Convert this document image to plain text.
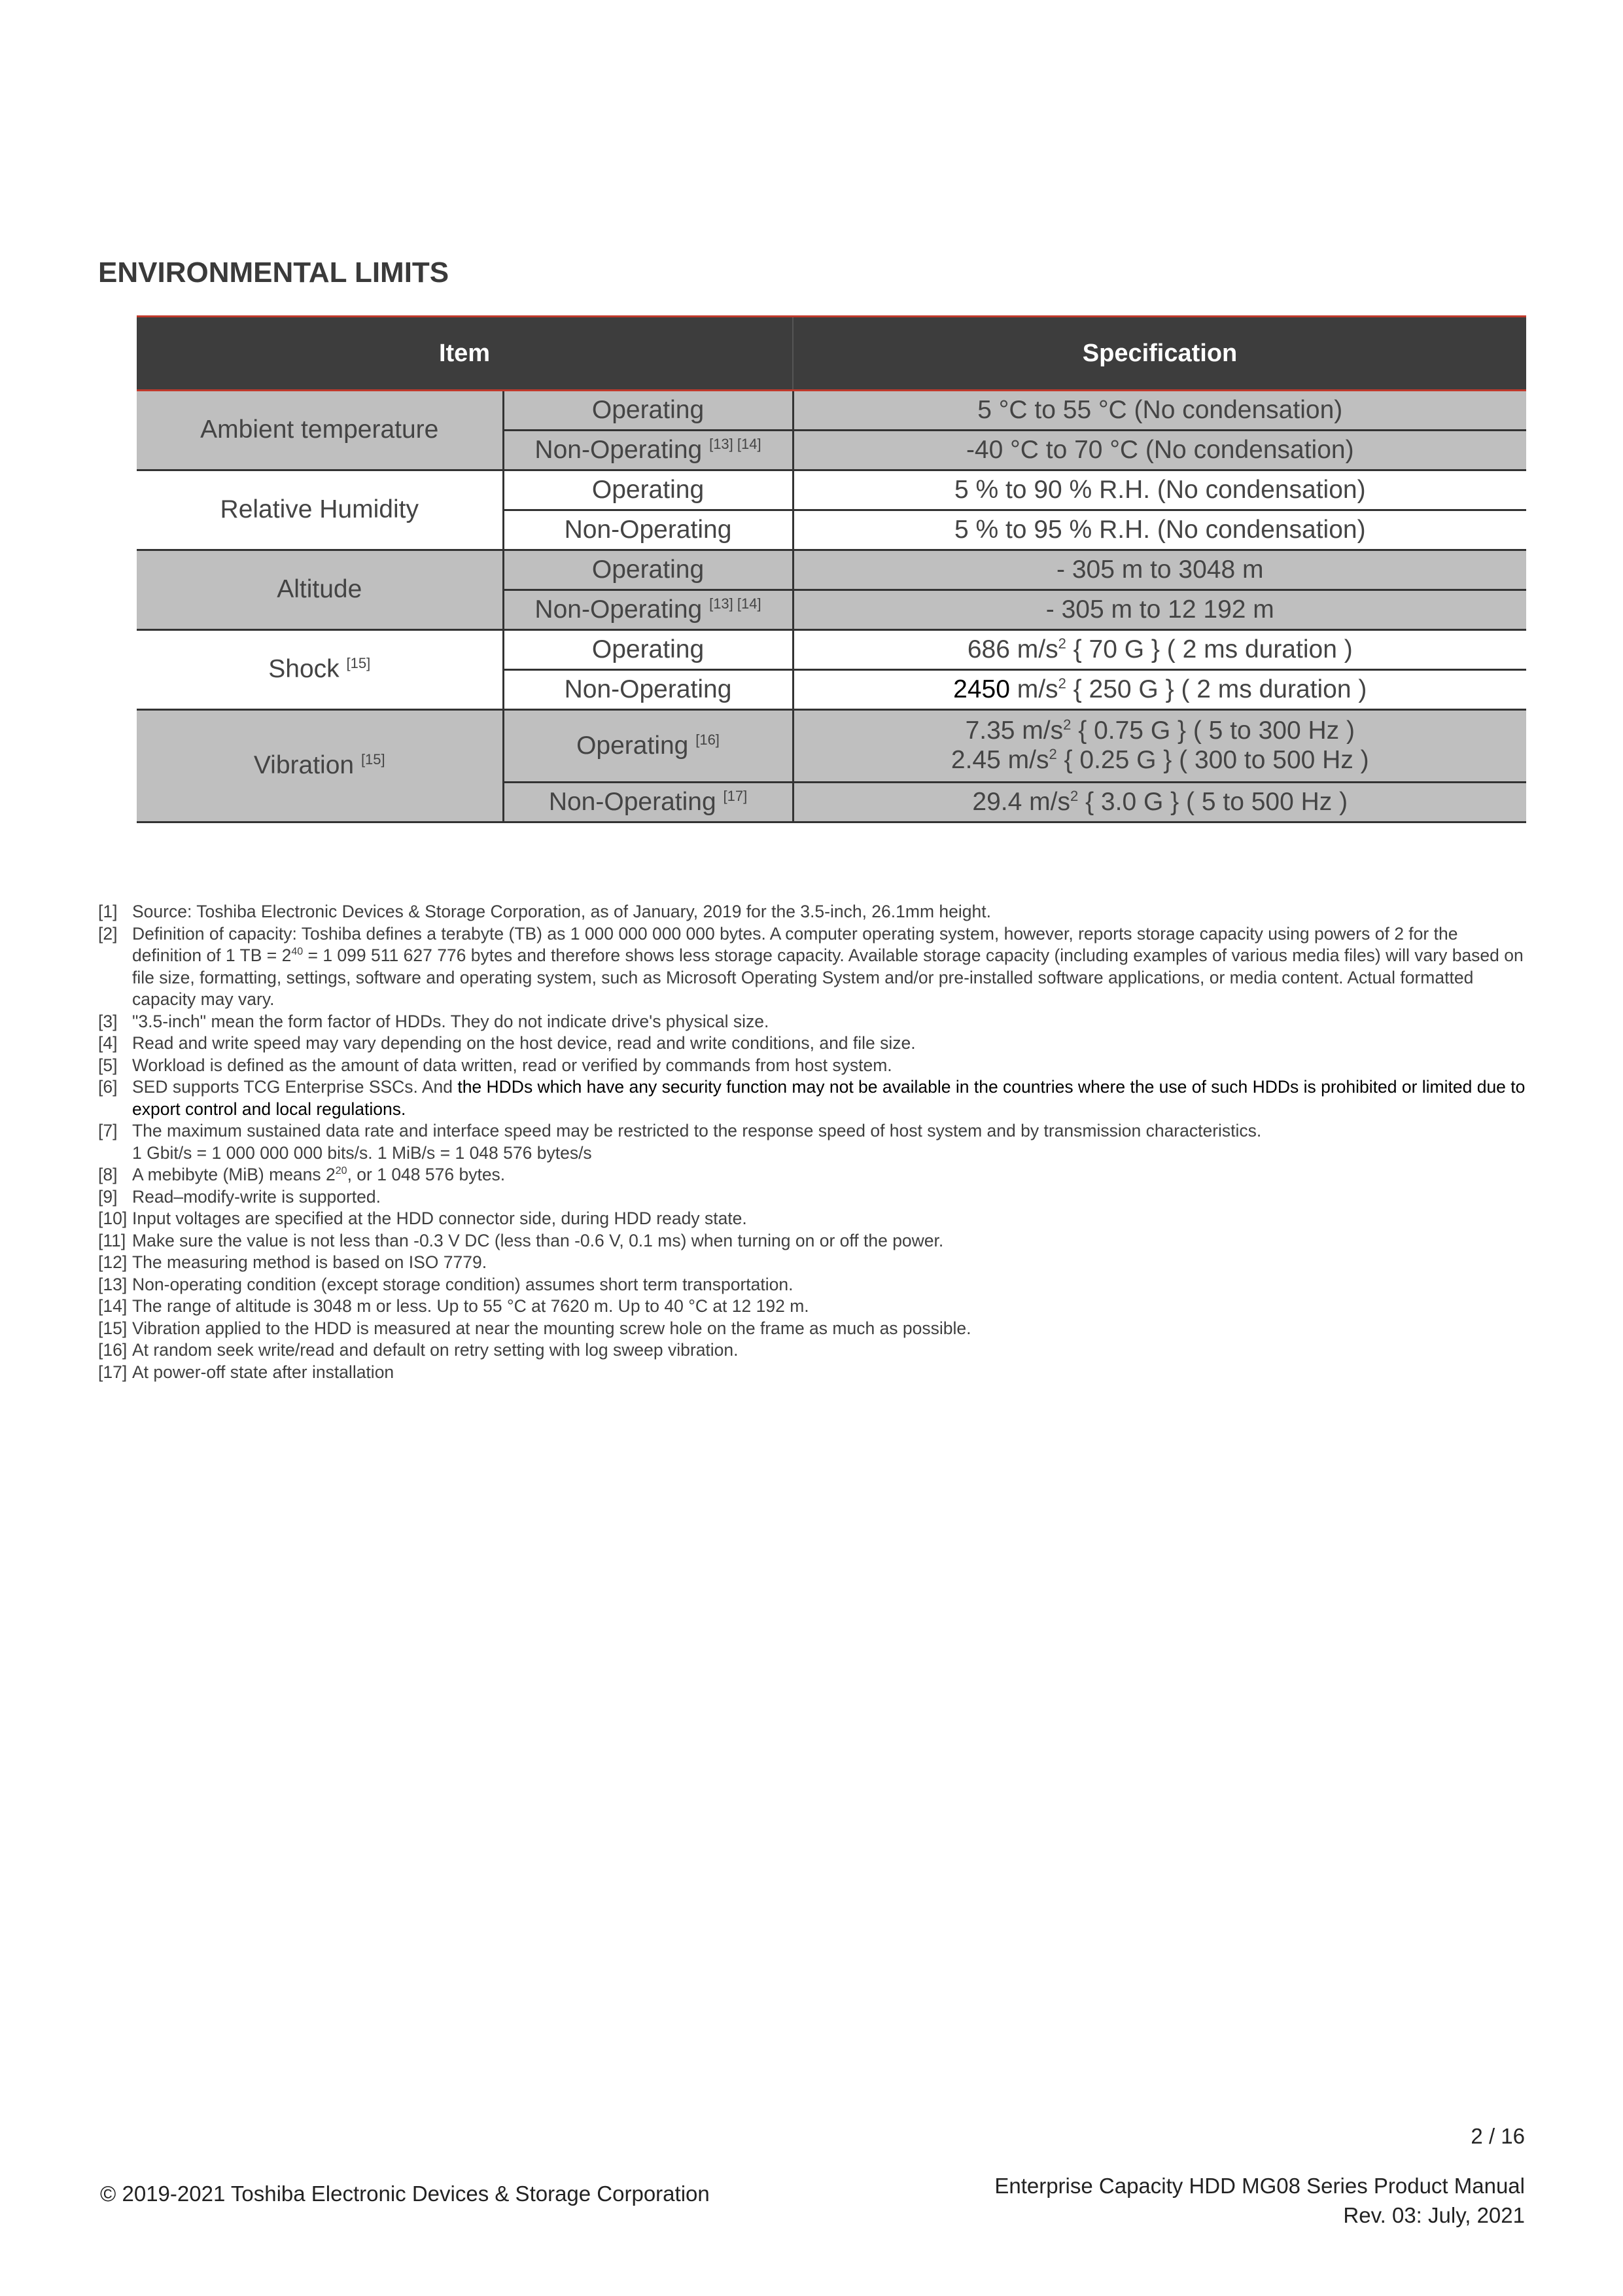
ENVIRONMENTAL LIMITS
Item		Specification
Ambient temperature	Operating	5 °C to 55 °C (No condensation)
	Non-Operating [13] [14]	-40 °C to 70 °C (No condensation)
Relative Humidity	Operating	5 % to 90 % R.H. (No condensation)
	Non-Operating	5 % to 95 % R.H. (No condensation)
Altitude	Operating	- 305 m to 3048 m
	Non-Operating [13] [14]	- 305 m to 12 192 m
Shock [15]	Operating	686 $m/s^2$ { 70 G } ( 2 ms duration )
	Non-Operating	2450 $m/s^2$ { 250 G } ( 2 ms duration )
Vibration [15]	Operating [16]	7.35 $m/s^2$ { 0.75 G } ( 5 to 300 Hz )
2.45 $m/s^2$ { 0.25 G } ( 300 to 500 Hz )

	Non-Operating [17]	29.4 $m/s^2$ { 3.0 G } ( 5 to 500 Hz )

[1] Source: Toshiba Electronic Devices & Storage Corporation, as of January, 2019 for the 3.5-inch, 26.1mm height.

[2] Definition of capacity: Toshiba defines a terabyte (TB) as 1 000 000 000 000 bytes. A computer operating system, however, reports storage capacity using powers of 2 for the definition of 1 TB = $2^{40} = 1$ 099 511 627 776 bytes and therefore shows less storage capacity. Available storage capacity (including examples of various media files) will vary based on file size, formatting, settings, software and operating system, such as Microsoft Operating System and/or pre-installed software applications, or media content. Actual formatted capacity may vary.

[3] "3.5-inch" mean the form factor of HDDs. They do not indicate drive's physical size.

[4] Read and write speed may vary depending on the host device, read and write conditions, and file size.

[5] Workload is defined as the amount of data written, read or verified by commands from host system.

[6] SED supports TCG Enterprise SSCs. And the HDDs which have any security function may not be available in the countries where the use of such HDDs is prohibited or limited due to export control and local regulations.

[7] The maximum sustained data rate and interface speed may be restricted to the response speed of host system and by transmission characteristics.
1 Gbit/s = 1 000 000 000 bits/s. 1 MiB/s = 1 048 576 bytes/s

[8] A mebibyte (MiB) means $2^{20}$, or 1 048 576 bytes.

[9] Read–modify-write is supported.

[10] Input voltages are specified at the HDD connector side, during HDD ready state.

[11] Make sure the value is not less than -0.3 V DC (less than -0.6 V, 0.1 ms) when turning on or off the power.

[12] The measuring method is based on ISO 7779.

[13] Non-operating condition (except storage condition) assumes short term transportation.

[14] The range of altitude is 3048 m or less. Up to 55 °C at 7620 m. Up to 40 °C at 12 192 m.

[15] Vibration applied to the HDD is measured at near the mounting screw hole on the frame as much as possible.

[16] At random seek write/read and default on retry setting with log sweep vibration.

[17] At power-off state after installation

2 / 16
© 2019-2021 Toshiba Electronic Devices & Storage Corporation	Enterprise Capacity HDD MG08 Series Product Manual
Rev. 03: July, 2021
